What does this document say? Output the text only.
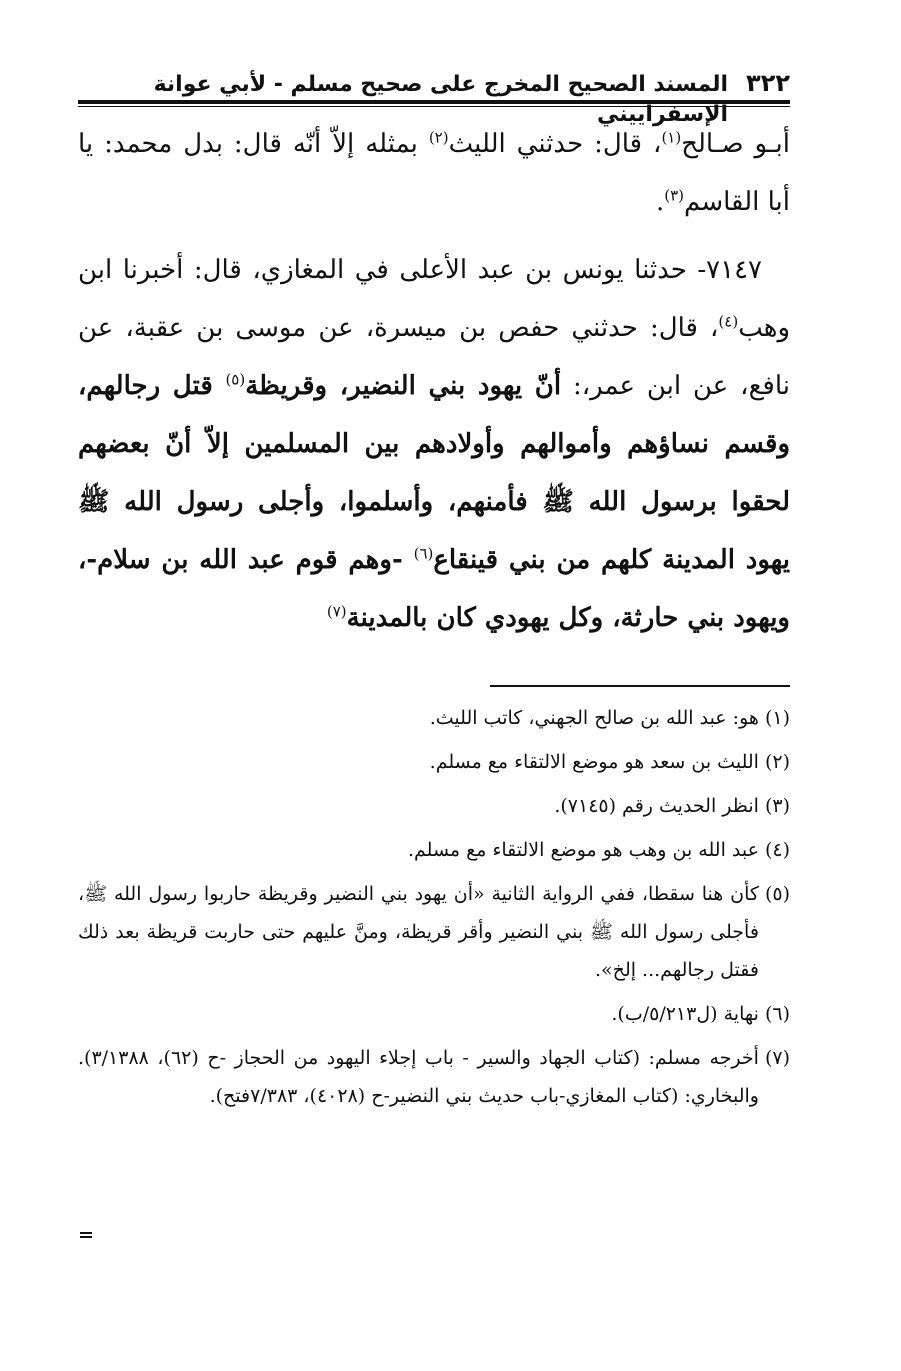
٣٢٢
المسند الصحيح المخرج على صحيح مسلم - لأبي عوانة الإسفراييني

أبـو صـالح$^{(١)}$، قال: حدثني الليث$^{(٢)}$ بمثله إلاّ أنّه قال: بدل محمد: يا أبا القاسم$^{(٣)}$.

٧١٤٧- حدثنا يونس بن عبد الأعلى في المغازي، قال: أخبرنا ابن وهب$^{(٤)}$، قال: حدثني حفص بن ميسرة، عن موسى بن عقبة، عن نافع، عن ابن عمر،: أنّ يهود بني النضير، وقريظة$^{(٥)}$ قتل رجالهم، وقسم نساؤهم وأموالهم وأولادهم بين المسلمين إلاّ أنّ بعضهم لحقوا برسول الله ﷺ فأمنهم، وأسلموا، وأجلى رسول الله ﷺ يهود المدينة كلهم من بني قينقاع$^{(٦)}$ -وهم قوم عبد الله بن سلام-، ويهود بني حارثة، وكل يهودي كان بالمدينة$^{(٧)}$

(١)
هو: عبد الله بن صالح الجهني، كاتب الليث.
(٢)
الليث بن سعد هو موضع الالتقاء مع مسلم.
(٣)
انظر الحديث رقم (٧١٤٥).
(٤)
عبد الله بن وهب هو موضع الالتقاء مع مسلم.
(٥)
كأن هنا سقطا، ففي الرواية الثانية «أن يهود بني النضير وقريظة حاربوا رسول الله ﷺ، فأجلى رسول الله ﷺ بني النضير وأقر قريظة، ومنَّ عليهم حتى حاربت قريظة بعد ذلك فقتل رجالهم... إلخ».
(٦)
نهاية (ل٥/٢١٣/ب).
(٧)
أخرجه مسلم: (كتاب الجهاد والسير - باب إجلاء اليهود من الحجاز -ح (٦٢)، ٣/١٣٨٨). والبخاري: (كتاب المغازي-باب حديث بني النضير-ح (٤٠٢٨)، ٧/٣٨٣فتح).
